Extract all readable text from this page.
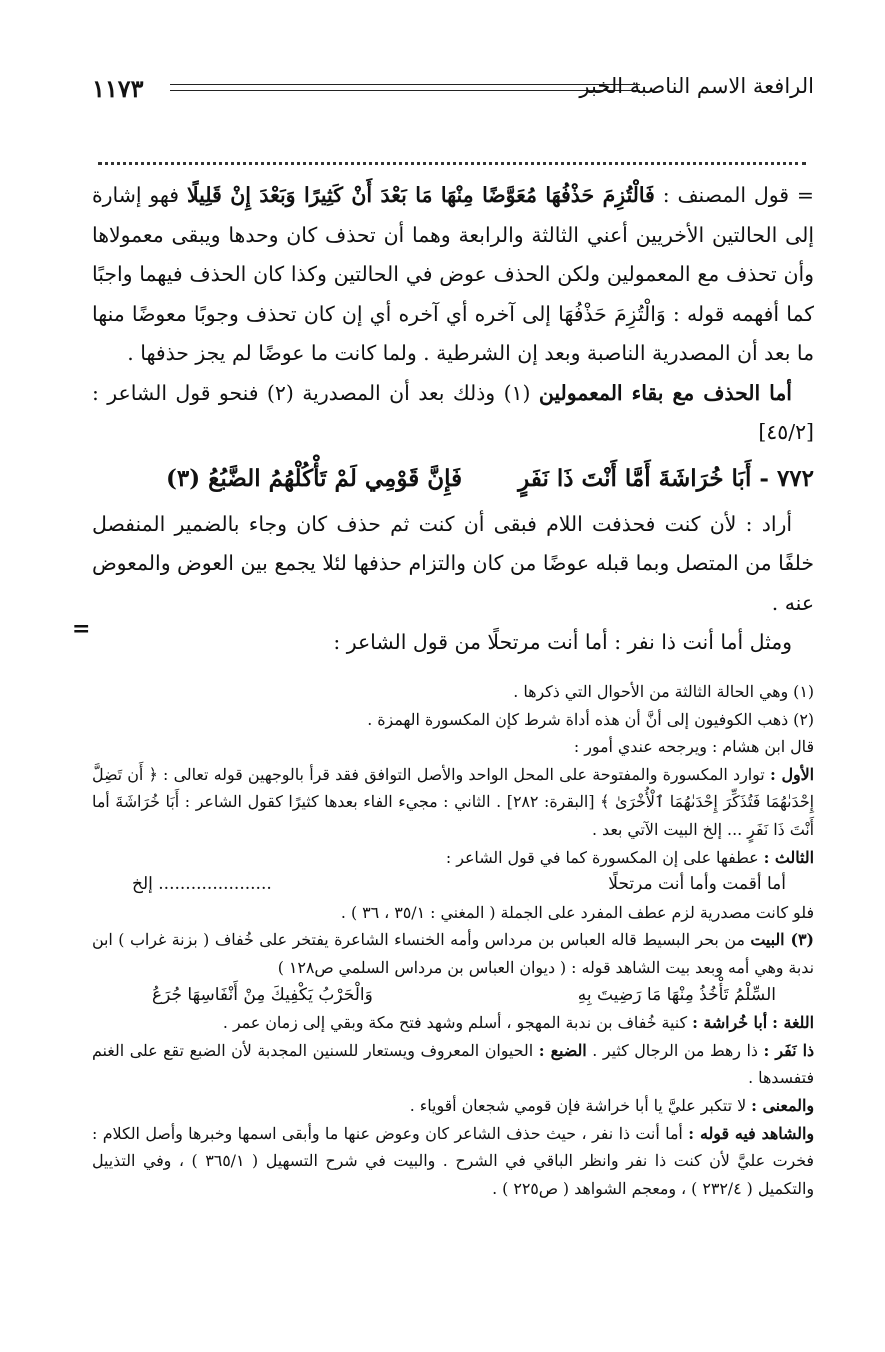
١١٧٣	الرافعة الاسم الناصبة الخبر

= قول المصنف : فَالْتُزِمَ حَذْفُهَا مُعَوَّضًا مِنْهَا مَا بَعْدَ أَنْ كَثِيرًا وَبَعْدَ إِنْ قَلِيلًا فهو إشارة إلى الحالتين الأخريين أعني الثالثة والرابعة وهما أن تحذف كان وحدها ويبقى معمولاها وأن تحذف مع المعمولين ولكن الحذف عوض في الحالتين وكذا كان الحذف فيهما واجبًا كما أفهمه قوله : وَالْتُزِمَ حَذْفُهَا إلى آخره أي آخره أي إن كان تحذف وجوبًا معوضًا منها ما بعد أن المصدرية الناصبة وبعد إن الشرطية . ولما كانت ما عوضًا لم يجز حذفها .

أما الحذف مع بقاء المعمولين (١) وذلك بعد أن المصدرية (٢) فنحو قول الشاعر :[٤٥/٢]

٧٧٢ - أَبَا خُرَاشَةَ أَمَّا أَنْتَ ذَا نَفَرٍ  فَإِنَّ قَوْمِي لَمْ تَأْكُلْهُمُ الضَّبُعُ (٣)

أراد : لأن كنت فحذفت اللام فبقى أن كنت ثم حذف كان وجاء بالضمير المنفصل خلفًا من المتصل وبما قبله عوضًا من كان والتزام حذفها لئلا يجمع بين العوض والمعوض عنه .

ومثل أما أنت ذا نفر : أما أنت مرتحلًا من قول الشاعر :

=

(١) وهي الحالة الثالثة من الأحوال التي ذكرها .

(٢) ذهب الكوفيون إلى أنَّ أن هذه أداة شرط كإن المكسورة الهمزة .

قال ابن هشام : ويرجحه عندي أمور :

الأول : توارد المكسورة والمفتوحة على المحل الواحد والأصل التوافق فقد قرأ بالوجهين قوله تعالى : ﴿ أَن تَضِلَّ إِحْدَىٰهُمَا فَتُذَكِّرَ إِحْدَىٰهُمَا ٱلْأُخْرَىٰ ﴾ [البقرة: ٢٨٢] . الثاني : مجيء الفاء بعدها كثيرًا كقول الشاعر : أَبَا خُرَاشَةَ أما أَنْتَ ذَا نَفَرٍ ... إلخ البيت الآتي بعد .

الثالث : عطفها على إن المكسورة كما في قول الشاعر :

أما أقمت وأما أنت مرتحلًا
..................... إلخ

فلو كانت مصدرية لزم عطف المفرد على الجملة ( المغني : ٣٥/١ ، ٣٦ ) .

(٣) البيت من بحر البسيط قاله العباس بن مرداس وأمه الخنساء الشاعرة يفتخر على خُفاف ( بزنة غراب ) ابن ندبة وهي أمه وبعد بيت الشاهد قوله : ( ديوان العباس بن مرداس السلمي ص١٢٨ )

السِّلْمُ تَأْخُذُ مِنْهَا مَا رَضِيتَ بِهِ
وَالْحَرْبُ يَكْفِيكَ مِنْ أَنْفَاسِهَا جُرَعُ

اللغة : أبا خُراشة : كنية خُفاف بن ندبة المهجو ، أسلم وشهد فتح مكة وبقي إلى زمان عمر .

ذا نَفَر : ذا رهط من الرجال كثير . الضبع : الحيوان المعروف ويستعار للسنين المجدبة لأن الضبع تقع على الغنم فتفسدها .

والمعنى : لا تتكبر عليَّ يا أبا خراشة فإن قومي شجعان أقوياء .

والشاهد فيه قوله : أما أنت ذا نفر ، حيث حذف الشاعر كان وعوض عنها ما وأبقى اسمها وخبرها وأصل الكلام : فخرت عليَّ لأن كنت ذا نفر وانظر الباقي في الشرح . والبيت في شرح التسهيل ( ٣٦٥/١ ) ، وفي التذييل والتكميل ( ٢٣٢/٤ ) ، ومعجم الشواهد ( ص٢٢٥ ) .
